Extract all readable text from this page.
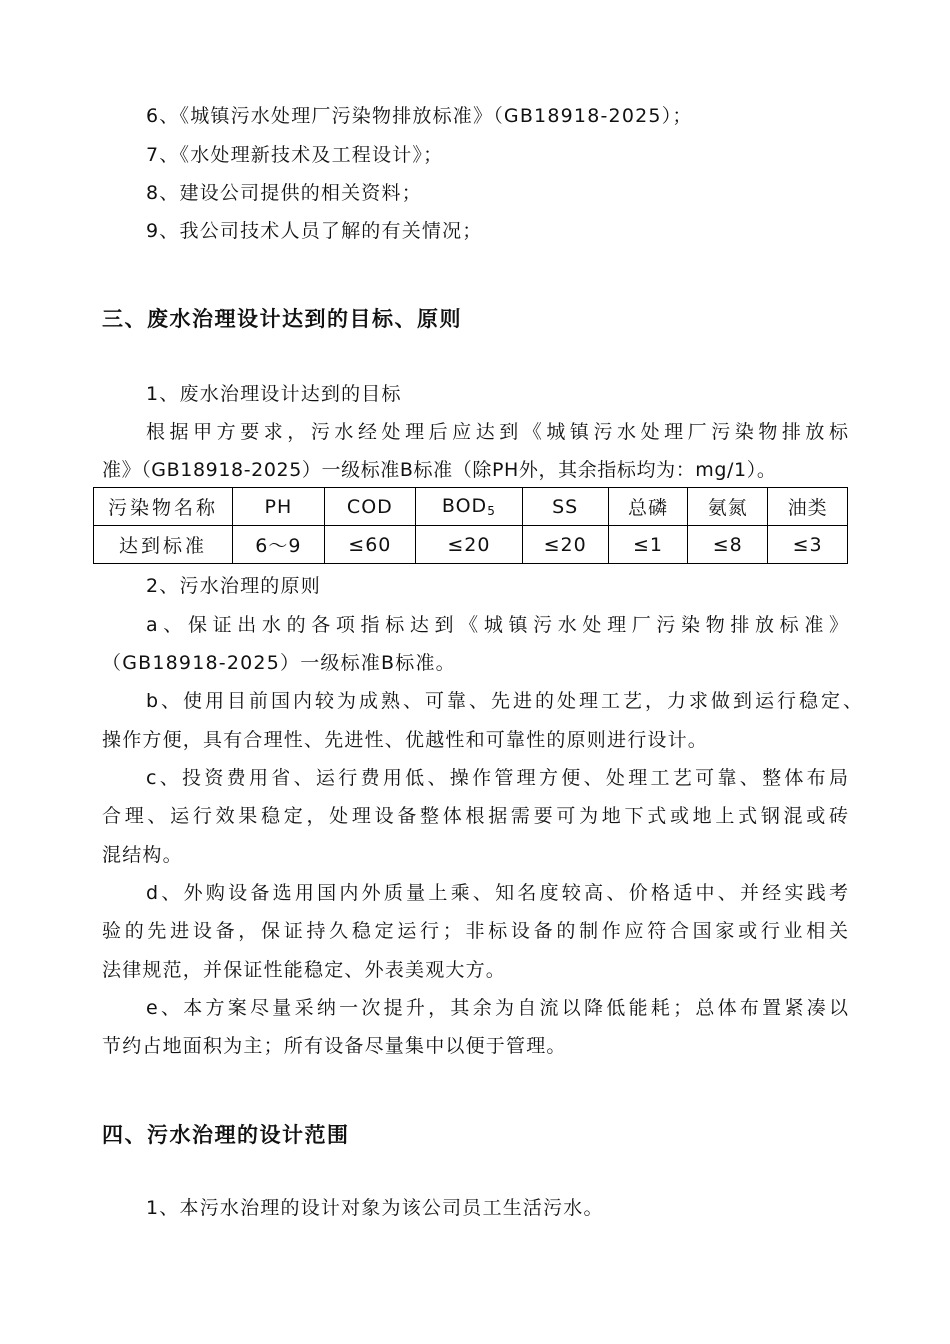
6、《城镇污水处理厂污染物排放标准》（GB18918-2025）；
7、《水处理新技术及工程设计》；
8、建设公司提供的相关资料；
9、我公司技术人员了解的有关情况；
三、废水治理设计达到的目标、原则
1、废水治理设计达到的目标
根据甲方要求，污水经处理后应达到《城镇污水处理厂污染物排放标
准》（GB18918-2025）一级标准B标准（除PH外，其余指标均为：mg/1）。
污染物名称	PH	COD	$BOD_5$	SS	总磷	氨氮	油类
达到标准	6～9	≤60	≤20	≤20	≤1	≤8	≤3
2、污水治理的原则
a、保证出水的各项指标达到《城镇污水处理厂污染物排放标准》
（GB18918-2025）一级标准B标准。
b、使用目前国内较为成熟、可靠、先进的处理工艺，力求做到运行稳定、
操作方便，具有合理性、先进性、优越性和可靠性的原则进行设计。
c、投资费用省、运行费用低、操作管理方便、处理工艺可靠、整体布局
合理、运行效果稳定，处理设备整体根据需要可为地下式或地上式钢混或砖
混结构。
d、外购设备选用国内外质量上乘、知名度较高、价格适中、并经实践考
验的先进设备，保证持久稳定运行；非标设备的制作应符合国家或行业相关
法律规范，并保证性能稳定、外表美观大方。
e、本方案尽量采纳一次提升，其余为自流以降低能耗；总体布置紧凑以
节约占地面积为主；所有设备尽量集中以便于管理。
四、污水治理的设计范围
1、本污水治理的设计对象为该公司员工生活污水。
